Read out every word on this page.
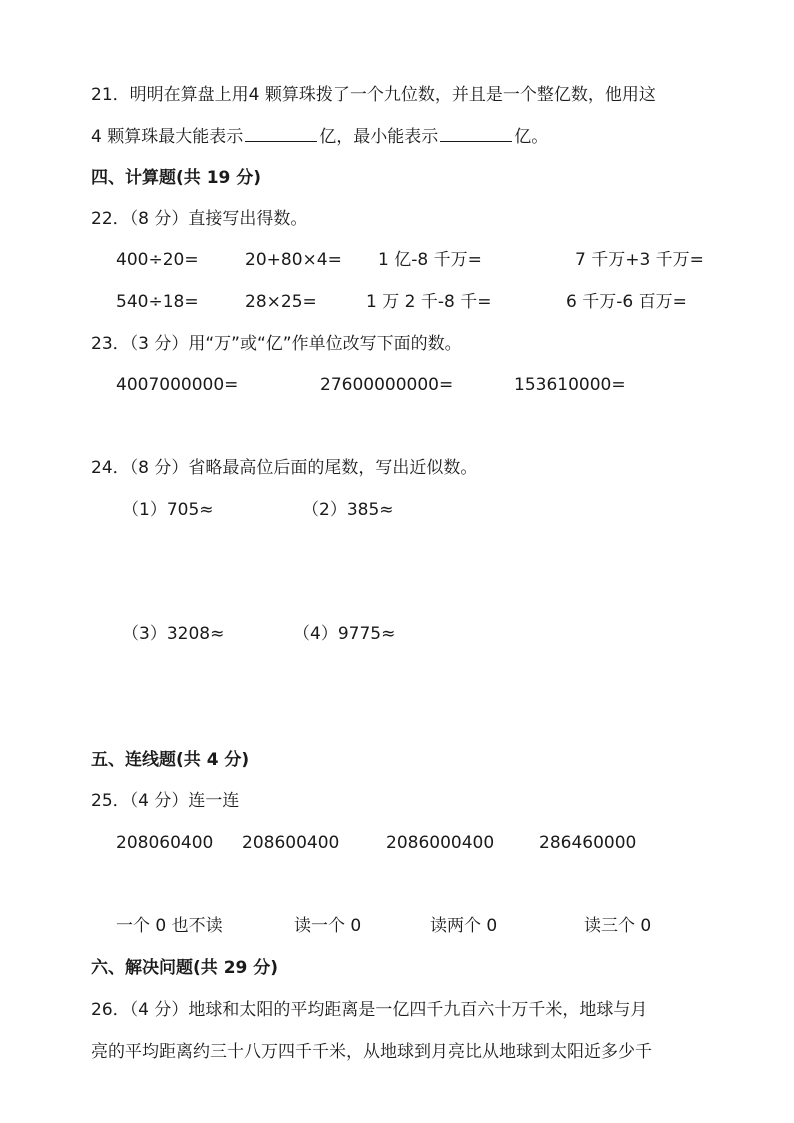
21．明明在算盘上用4 颗算珠拨了一个九位数，并且是一个整亿数，他用这
4 颗算珠最大能表示	亿，最小能表示	亿。
四、计算题(共 19 分)
22．（8 分）直接写出得数。
400÷20=	20+80×4= 1 亿-8 千万=	7 千万+3 千万=
540÷18=	28×25=	1 万 2 千-8 千=	6 千万-6 百万=
23．（3 分）用“万”或“亿”作单位改写下面的数。
4007000000=	27600000000=	153610000=
24．（8 分）省略最高位后面的尾数，写出近似数。
（1）705≈	（2）385≈
（3）3208≈	（4）9775≈
五、连线题(共 4 分)
25．（4 分）连一连
208060400 208600400	2086000400	286460000
一个 0 也不读	读一个 0	读两个 0	读三个 0
六、解决问题(共 29 分)
26．（4 分）地球和太阳的平均距离是一亿四千九百六十万千米，地球与月
亮的平均距离约三十八万四千千米，从地球到月亮比从地球到太阳近多少千
